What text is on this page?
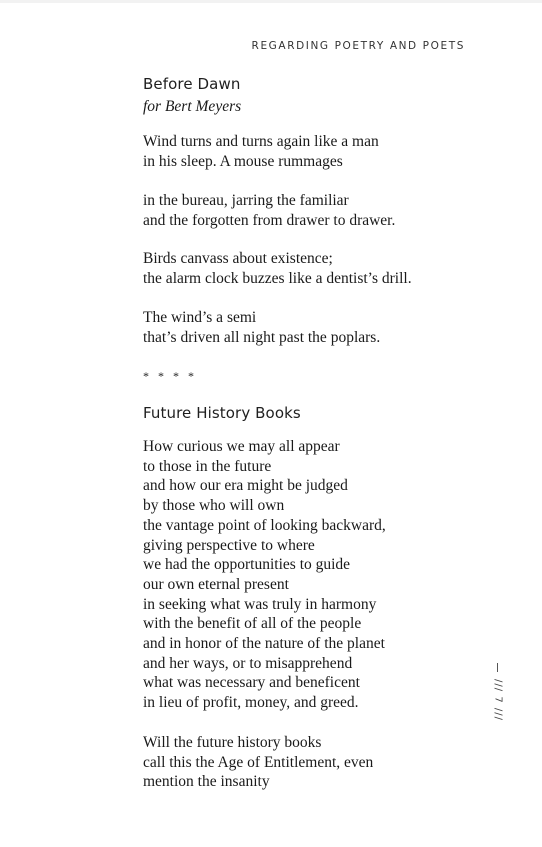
REGARDING POETRY AND POETS
Before Dawn
for Bert Meyers
Wind turns and turns again like a man
in his sleep. A mouse rummages
in the bureau, jarring the familiar
and the forgotten from drawer to drawer.
Birds canvass about existence;
the alarm clock buzzes like a dentist’s drill.
The wind’s a semi
that’s driven all night past the poplars.
* * * *
Future History Books
How curious we may all appear
to those in the future
and how our era might be judged
by those who will own
the vantage point of looking backward,
giving perspective to where
we had the opportunities to guide
our own eternal present
in seeking what was truly in harmony
with the benefit of all of the people
and in honor of the nature of the planet
and her ways, or to misapprehend
what was necessary and beneficent
in lieu of profit, money, and greed.
Will the future history books
call this the Age of Entitlement, even
mention the insanity
/// 7 ///
